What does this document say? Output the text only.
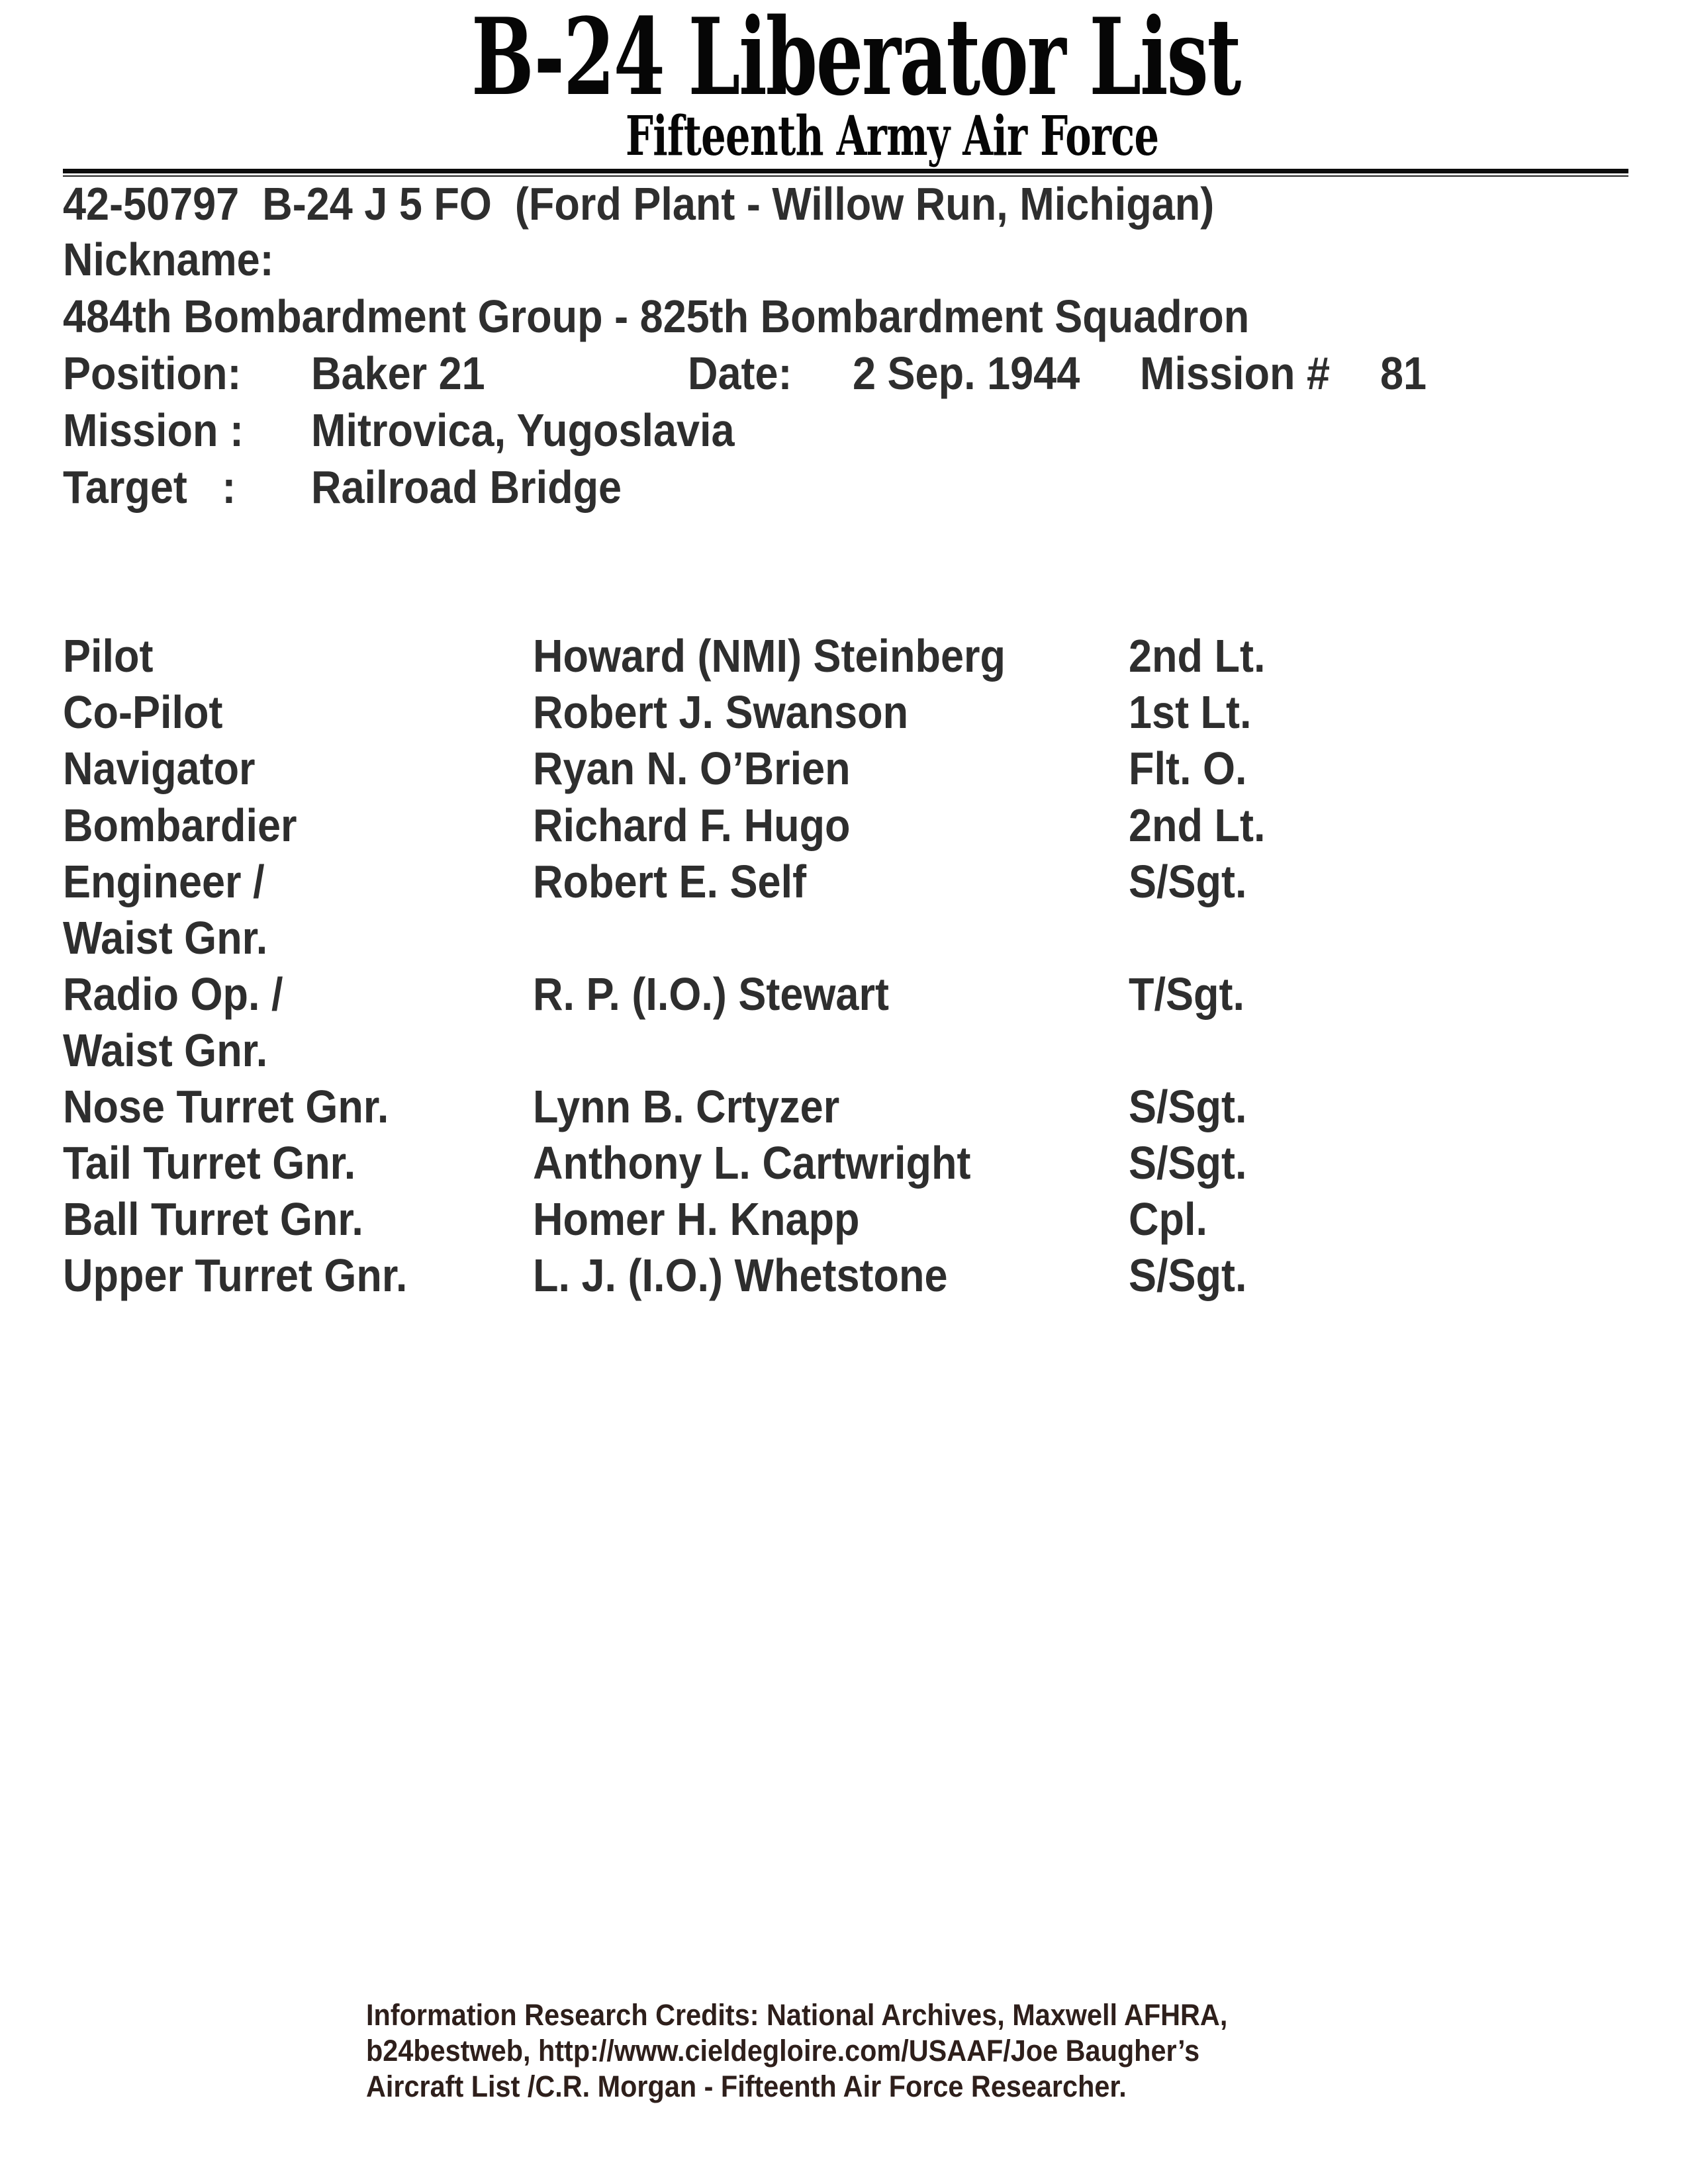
B-24 Liberator List
Fifteenth Army Air Force
42-50797  B-24 J 5 FO  (Ford Plant - Willow Run, Michigan)
Nickname:
484th Bombardment Group - 825th Bombardment Squadron
Position: Baker 21	Date: 2 Sep. 1944 Mission # 81
Mission : Mitrovica, Yugoslavia
Target   : Railroad Bridge
Pilot	Howard (NMI) Steinberg	2nd Lt.
Co-Pilot	Robert J. Swanson	1st Lt.
Navigator	Ryan N. O’Brien	Flt. O.
Bombardier	Richard F. Hugo	2nd Lt.
Engineer /	Robert E. Self	S/Sgt.
Waist Gnr.
Radio Op. /	R. P. (I.O.) Stewart	T/Sgt.
Waist Gnr.
Nose Turret Gnr.	Lynn B. Crtyzer	S/Sgt.
Tail Turret Gnr.	Anthony L. Cartwright	S/Sgt.
Ball Turret Gnr.	Homer H. Knapp	Cpl.
Upper Turret Gnr.	L. J. (I.O.) Whetstone	S/Sgt.
Information Research Credits: National Archives, Maxwell AFHRA,
b24bestweb, http://www.cieldegloire.com/USAAF/Joe Baugher’s
Aircraft List /C.R. Morgan - Fifteenth Air Force Researcher.
